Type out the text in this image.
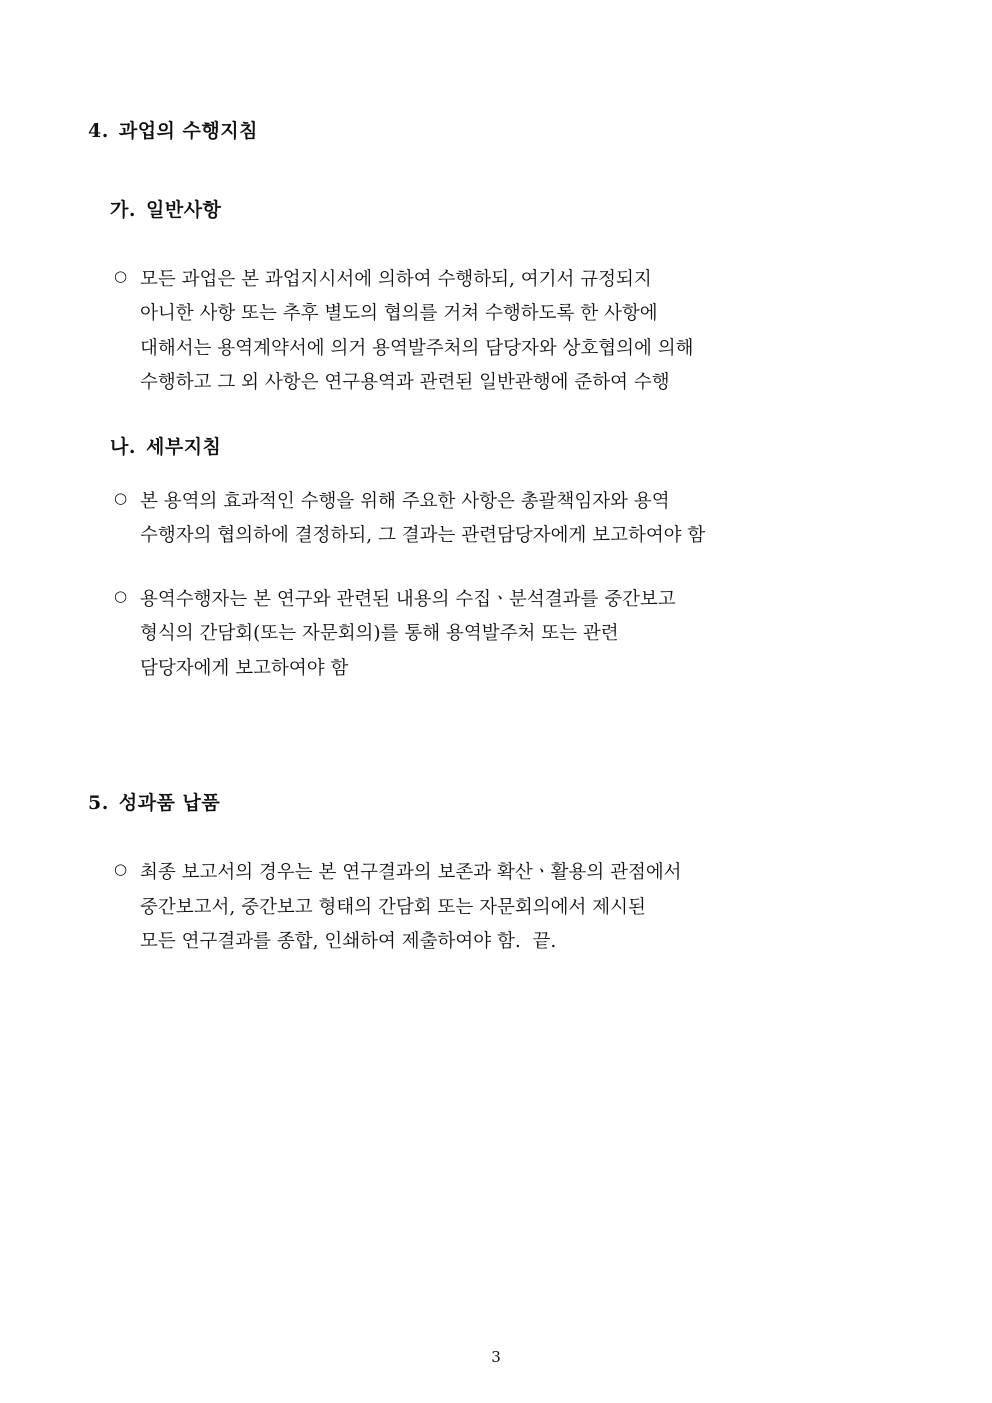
4. 과업의 수행지침
가. 일반사항
○ 모든 과업은 본 과업지시서에 의하여 수행하되, 여기서 규정되지
아니한 사항 또는 추후 별도의 협의를 거쳐 수행하도록 한 사항에
대해서는 용역계약서에 의거 용역발주처의 담당자와 상호협의에 의해
수행하고 그 외 사항은 연구용역과 관련된 일반관행에 준하여 수행
나. 세부지침
○ 본 용역의 효과적인 수행을 위해 주요한 사항은 총괄책임자와 용역
수행자의 협의하에 결정하되, 그 결과는 관련담당자에게 보고하여야 함
○ 용역수행자는 본 연구와 관련된 내용의 수집ㆍ분석결과를 중간보고
형식의 간담회(또는 자문회의)를 통해 용역발주처 또는 관련
담당자에게 보고하여야 함
5. 성과품 납품
○ 최종 보고서의 경우는 본 연구결과의 보존과 확산ㆍ활용의 관점에서
중간보고서, 중간보고 형태의 간담회 또는 자문회의에서 제시된
모든 연구결과를 종합, 인쇄하여 제출하여야 함.  끝.
3
